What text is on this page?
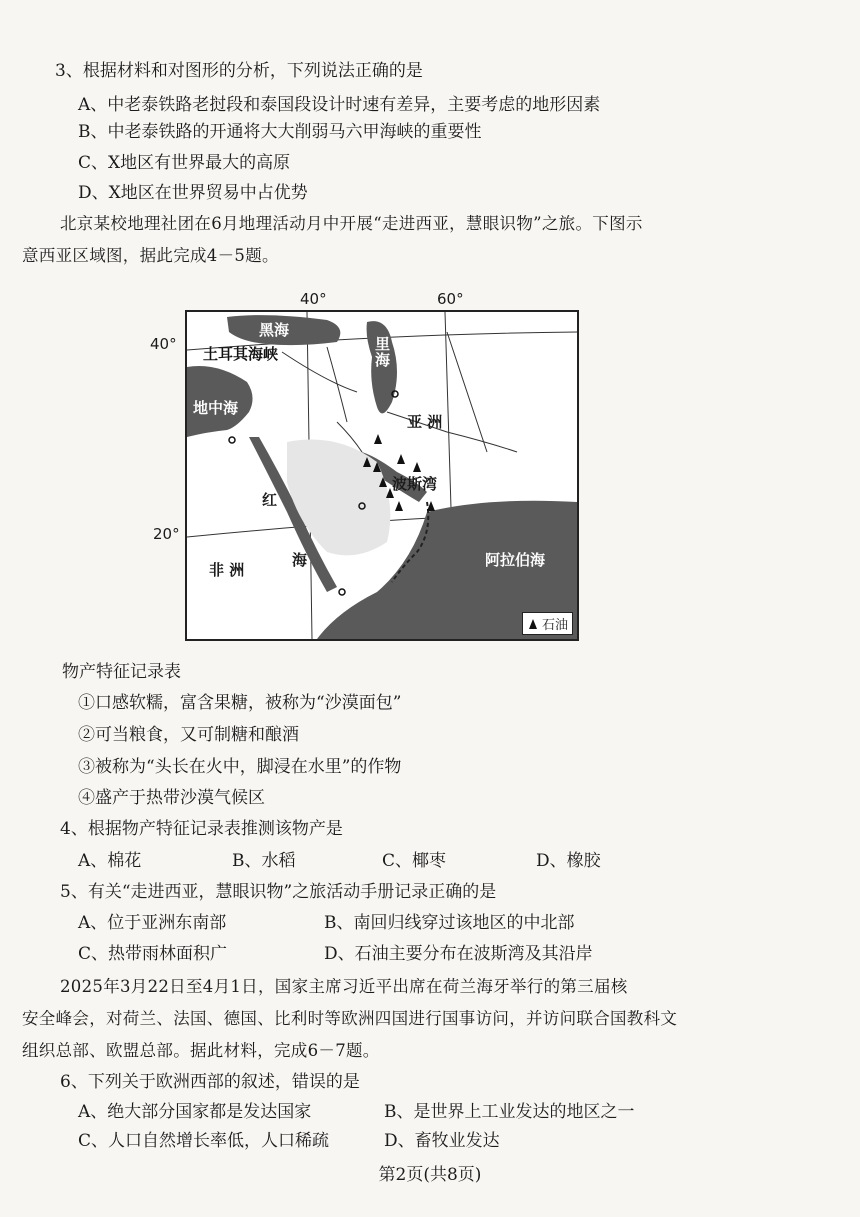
3、根据材料和对图形的分析，下列说法正确的是
A、中老泰铁路老挝段和泰国段设计时速有差异，主要考虑的地形因素
B、中老泰铁路的开通将大大削弱马六甲海峡的重要性
C、X地区有世界最大的高原
D、X地区在世界贸易中占优势
北京某校地理社团在6月地理活动月中开展“走进西亚，慧眼识物”之旅。下图示
意西亚区域图，据此完成4－5题。
40°	60°
40°
20°
黑海
土耳其海峡
里
海
地中海
亚 洲
红
海
波斯湾
非 洲
阿拉伯海
石油
物产特征记录表
①口感软糯，富含果糖，被称为“沙漠面包”
②可当粮食，又可制糖和酿酒
③被称为“头长在火中，脚浸在水里”的作物
④盛产于热带沙漠气候区
4、根据物产特征记录表推测该物产是
A、棉花	B、水稻	C、椰枣	D、橡胶
5、有关“走进西亚，慧眼识物”之旅活动手册记录正确的是
A、位于亚洲东南部	B、南回归线穿过该地区的中北部
C、热带雨林面积广	D、石油主要分布在波斯湾及其沿岸
2025年3月22日至4月1日，国家主席习近平出席在荷兰海牙举行的第三届核
安全峰会，对荷兰、法国、德国、比利时等欧洲四国进行国事访问，并访问联合国教科文
组织总部、欧盟总部。据此材料，完成6－7题。
6、下列关于欧洲西部的叙述，错误的是
A、绝大部分国家都是发达国家	B、是世界上工业发达的地区之一
C、人口自然增长率低，人口稀疏	D、畜牧业发达
第2页(共8页)
